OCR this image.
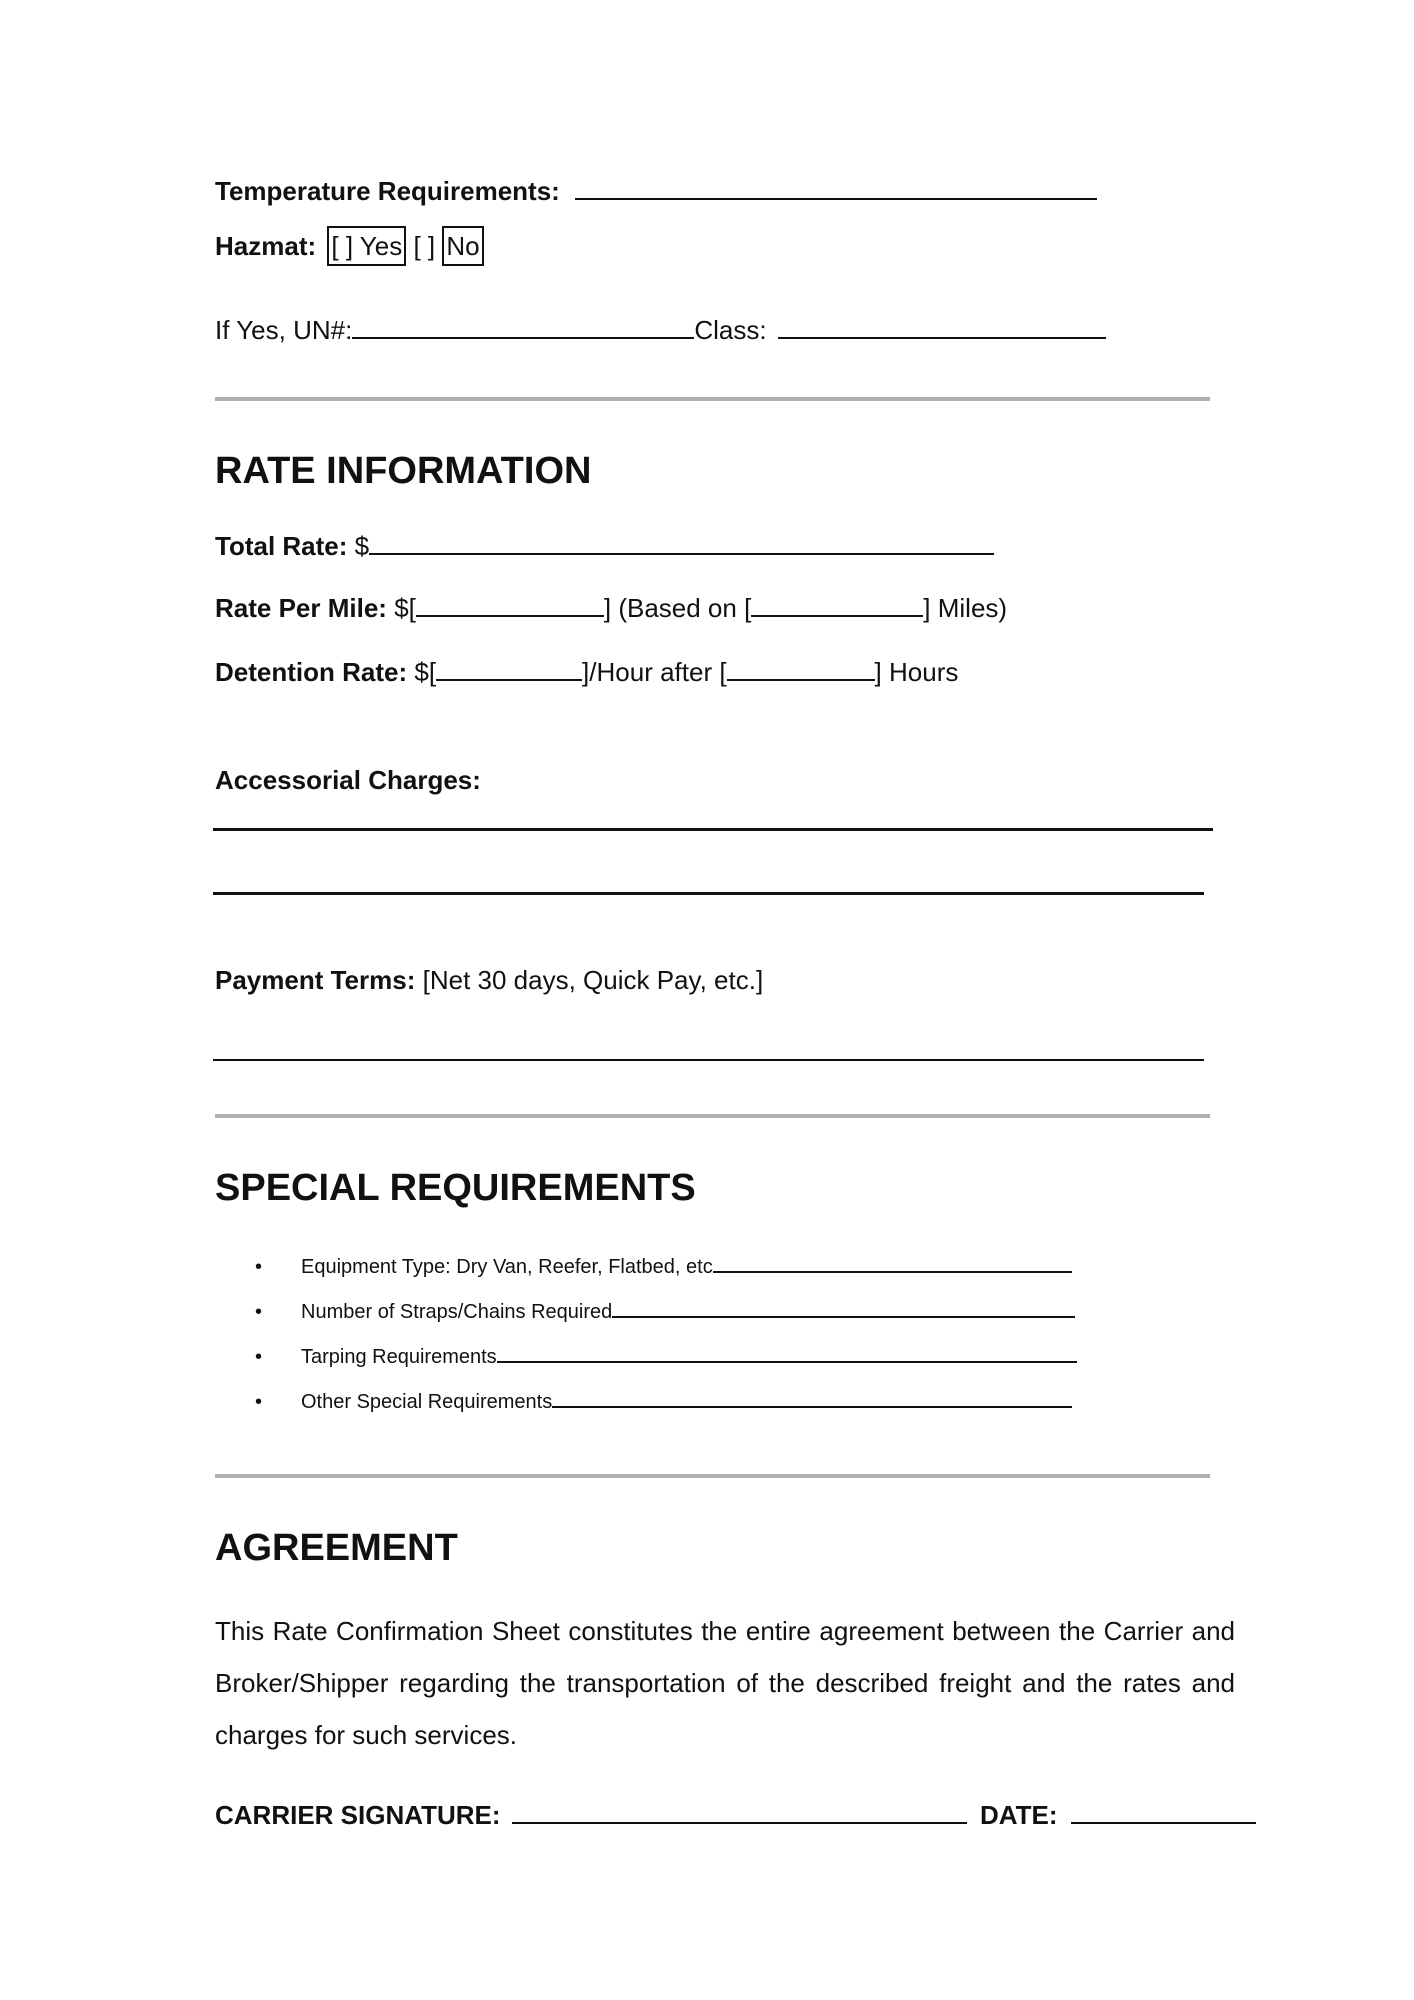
Temperature Requirements:
Hazmat: [ ] Yes [ ] No
If Yes, UN#:	Class:
RATE INFORMATION
Total Rate: $
Rate Per Mile: $[	] (Based on [	] Miles)
Detention Rate: $[	]/Hour after [	] Hours
Accessorial Charges:
Payment Terms: [Net 30 days, Quick Pay, etc.]
SPECIAL REQUIREMENTS
• Equipment Type: Dry Van, Reefer, Flatbed, etc
• Number of Straps/Chains Required
• Tarping Requirements
• Other Special Requirements
AGREEMENT
This Rate Confirmation Sheet constitutes the entire agreement between the Carrier and Broker/Shipper regarding the transportation of the described freight and the rates and charges for such services.
CARRIER SIGNATURE:	DATE:
